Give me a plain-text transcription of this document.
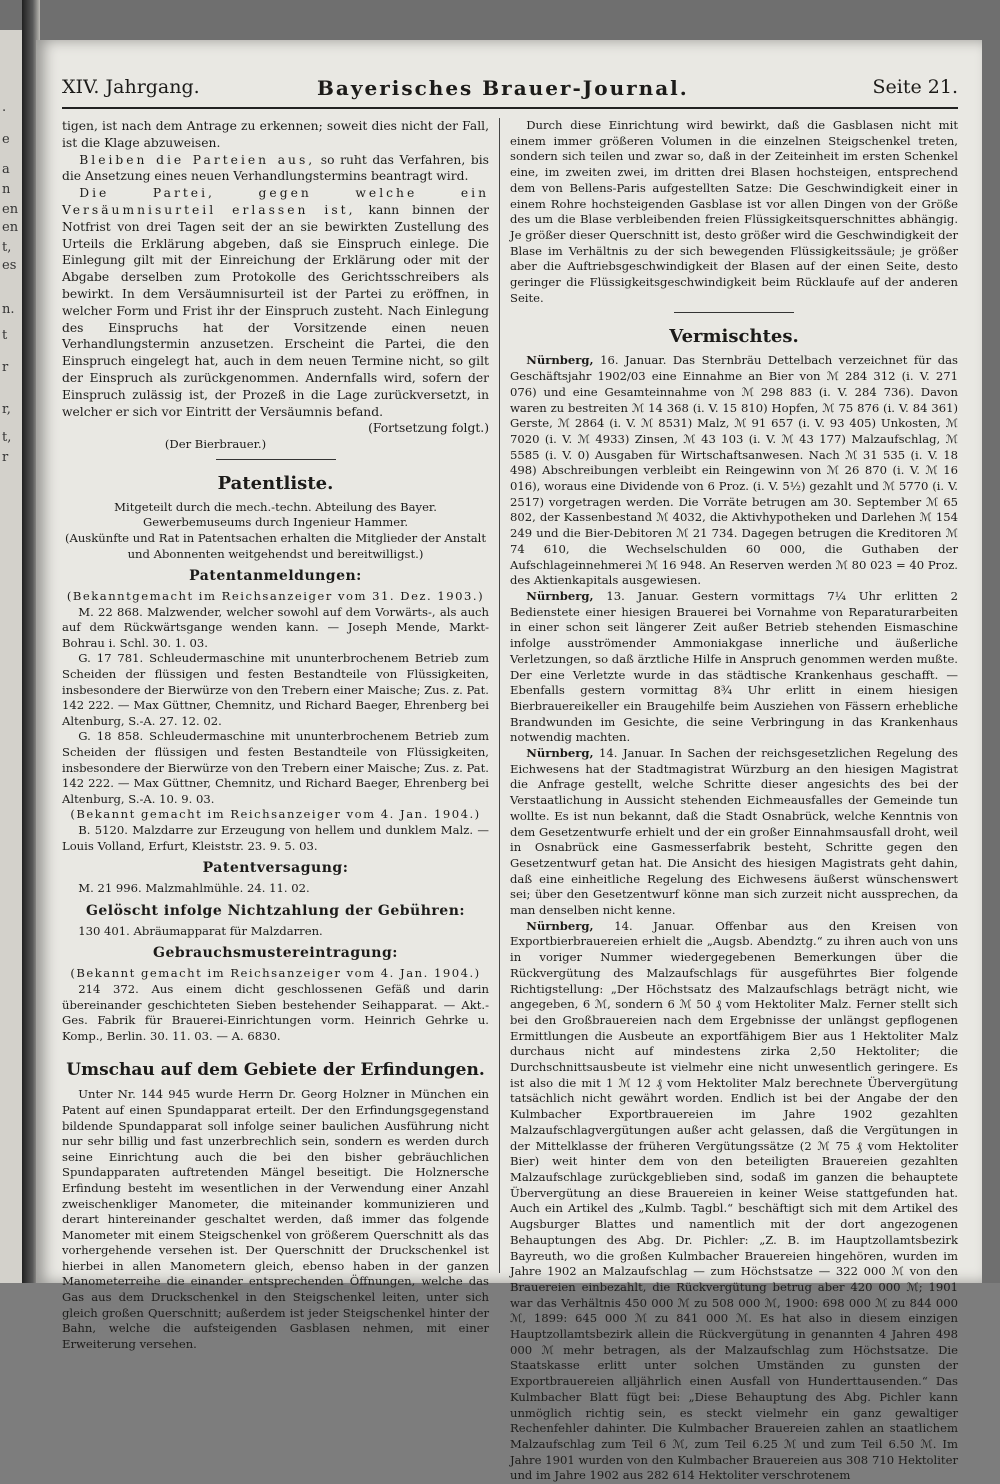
.
e
a
n
en
en
t,
es
n.
t
r
r,
t,
r
XIV. Jahrgang.	Bayerisches Brauer-Journal.	Seite 21.

tigen, ist nach dem Antrage zu erkennen; soweit dies nicht der Fall, ist die Klage abzuweisen.

Bleiben die Parteien aus, so ruht das Verfahren, bis die Ansetzung eines neuen Verhandlungstermins beantragt wird.

Die Partei, gegen welche ein Versäumnisurteil erlassen ist, kann binnen der Notfrist von drei Tagen seit der an sie bewirkten Zustellung des Urteils die Erklärung abgeben, daß sie Einspruch einlege. Die Einlegung gilt mit der Einreichung der Erklärung oder mit der Abgabe derselben zum Protokolle des Gerichtsschreibers als bewirkt. In dem Versäumnisurteil ist der Partei zu eröffnen, in welcher Form und Frist ihr der Einspruch zusteht. Nach Einlegung des Einspruchs hat der Vorsitzende einen neuen Verhandlungstermin anzusetzen. Erscheint die Partei, die den Einspruch eingelegt hat, auch in dem neuen Termine nicht, so gilt der Einspruch als zurückgenommen. Andernfalls wird, sofern der Einspruch zulässig ist, der Prozeß in die Lage zurückversetzt, in welcher er sich vor Eintritt der Versäumnis befand.

(Fortsetzung folgt.)

(Der Bierbrauer.)

Patentliste.

Mitgeteilt durch die mech.-techn. Abteilung des Bayer. Gewerbemuseums durch Ingenieur Hammer.

(Auskünfte und Rat in Patentsachen erhalten die Mitglieder der Anstalt und Abonnenten weitgehendst und bereitwilligst.)

Patentanmeldungen:

(Bekanntgemacht im Reichsanzeiger vom 31. Dez. 1903.)

M. 22 868. Malzwender, welcher sowohl auf dem Vorwärts-, als auch auf dem Rückwärtsgange wenden kann. — Joseph Mende, Markt-Bohrau i. Schl. 30. 1. 03.

G. 17 781. Schleudermaschine mit ununterbrochenem Betrieb zum Scheiden der flüssigen und festen Bestandteile von Flüssigkeiten, insbesondere der Bierwürze von den Trebern einer Maische; Zus. z. Pat. 142 222. — Max Güttner, Chemnitz, und Richard Baeger, Ehrenberg bei Altenburg, S.-A. 27. 12. 02.

G. 18 858. Schleudermaschine mit ununterbrochenem Betrieb zum Scheiden der flüssigen und festen Bestandteile von Flüssigkeiten, insbesondere der Bierwürze von den Trebern einer Maische; Zus. z. Pat. 142 222. — Max Güttner, Chemnitz, und Richard Baeger, Ehrenberg bei Altenburg, S.-A. 10. 9. 03.

(Bekannt gemacht im Reichsanzeiger vom 4. Jan. 1904.)

B. 5120. Malzdarre zur Erzeugung von hellem und dunklem Malz. — Louis Volland, Erfurt, Kleiststr. 23. 9. 5. 03.

Patentversagung:

M. 21 996. Malzmahlmühle. 24. 11. 02.

Gelöscht infolge Nichtzahlung der Gebühren:

130 401. Abräumapparat für Malzdarren.

Gebrauchsmustereintragung:

(Bekannt gemacht im Reichsanzeiger vom 4. Jan. 1904.)

214 372. Aus einem dicht geschlossenen Gefäß und darin übereinander geschichteten Sieben bestehender Seihapparat. — Akt.-Ges. Fabrik für Brauerei-Einrichtungen vorm. Heinrich Gehrke u. Komp., Berlin. 30. 11. 03. — A. 6830.

Umschau auf dem Gebiete der Erfindungen.

Unter Nr. 144 945 wurde Herrn Dr. Georg Holzner in München ein Patent auf einen Spundapparat erteilt. Der den Erfindungsgegenstand bildende Spundapparat soll infolge seiner baulichen Ausführung nicht nur sehr billig und fast unzerbrechlich sein, sondern es werden durch seine Einrichtung auch die bei den bisher gebräuchlichen Spundapparaten auftretenden Mängel beseitigt. Die Holznersche Erfindung besteht im wesentlichen in der Verwendung einer Anzahl zweischenkliger Manometer, die miteinander kommunizieren und derart hintereinander geschaltet werden, daß immer das folgende Manometer mit einem Steigschenkel von größerem Querschnitt als das vorhergehende versehen ist. Der Querschnitt der Druckschenkel ist hierbei in allen Manometern gleich, ebenso haben in der ganzen Manometerreihe die einander entsprechenden Öffnungen, welche das Gas aus dem Druckschenkel in den Steigschenkel leiten, unter sich gleich großen Querschnitt; außerdem ist jeder Steigschenkel hinter der Bahn, welche die aufsteigenden Gasblasen nehmen, mit einer Erweiterung versehen.

Durch diese Einrichtung wird bewirkt, daß die Gasblasen nicht mit einem immer größeren Volumen in die einzelnen Steigschenkel treten, sondern sich teilen und zwar so, daß in der Zeiteinheit im ersten Schenkel eine, im zweiten zwei, im dritten drei Blasen hochsteigen, entsprechend dem von Bellens-Paris aufgestellten Satze: Die Geschwindigkeit einer in einem Rohre hochsteigenden Gasblase ist vor allen Dingen von der Größe des um die Blase verbleibenden freien Flüssigkeitsquerschnittes abhängig. Je größer dieser Querschnitt ist, desto größer wird die Geschwindigkeit der Blase im Verhältnis zu der sich bewegenden Flüssigkeitssäule; je größer aber die Auftriebsgeschwindigkeit der Blasen auf der einen Seite, desto geringer die Flüssigkeitsgeschwindigkeit beim Rücklaufe auf der anderen Seite.

Vermischtes.

Nürnberg, 16. Januar. Das Sternbräu Dettelbach verzeichnet für das Geschäftsjahr 1902/03 eine Einnahme an Bier von ℳ 284 312 (i. V. 271 076) und eine Gesamteinnahme von ℳ 298 883 (i. V. 284 736). Davon waren zu bestreiten ℳ 14 368 (i. V. 15 810) Hopfen, ℳ 75 876 (i. V. 84 361) Gerste, ℳ 2864 (i. V. ℳ 8531) Malz, ℳ 91 657 (i. V. 93 405) Unkosten, ℳ 7020 (i. V. ℳ 4933) Zinsen, ℳ 43 103 (i. V. ℳ 43 177) Malzaufschlag, ℳ 5585 (i. V. 0) Ausgaben für Wirtschaftsanwesen. Nach ℳ 31 535 (i. V. 18 498) Abschreibungen verbleibt ein Reingewinn von ℳ 26 870 (i. V. ℳ 16 016), woraus eine Dividende von 6 Proz. (i. V. 5½) gezahlt und ℳ 5770 (i. V. 2517) vorgetragen werden. Die Vorräte betrugen am 30. September ℳ 65 802, der Kassenbestand ℳ 4032, die Aktivhypotheken und Darlehen ℳ 154 249 und die Bier-Debitoren ℳ 21 734. Dagegen betrugen die Kreditoren ℳ 74 610, die Wechselschulden 60 000, die Guthaben der Aufschlageinnehmerei ℳ 16 948. An Reserven werden ℳ 80 023 = 40 Proz. des Aktienkapitals ausgewiesen.

Nürnberg, 13. Januar. Gestern vormittags 7¼ Uhr erlitten 2 Bedienstete einer hiesigen Brauerei bei Vornahme von Reparaturarbeiten in einer schon seit längerer Zeit außer Betrieb stehenden Eismaschine infolge ausströmender Ammoniakgase innerliche und äußerliche Verletzungen, so daß ärztliche Hilfe in Anspruch genommen werden mußte. Der eine Verletzte wurde in das städtische Krankenhaus geschafft. — Ebenfalls gestern vormittag 8¾ Uhr erlitt in einem hiesigen Bierbrauereikeller ein Braugehilfe beim Ausziehen von Fässern erhebliche Brandwunden im Gesichte, die seine Verbringung in das Krankenhaus notwendig machten.

Nürnberg, 14. Januar. In Sachen der reichsgesetzlichen Regelung des Eichwesens hat der Stadtmagistrat Würzburg an den hiesigen Magistrat die Anfrage gestellt, welche Schritte dieser angesichts des bei der Verstaatlichung in Aussicht stehenden Eichmeausfalles der Gemeinde tun wollte. Es ist nun bekannt, daß die Stadt Osnabrück, welche Kenntnis von dem Gesetzentwurfe erhielt und der ein großer Einnahmsausfall droht, weil in Osnabrück eine Gasmesserfabrik besteht, Schritte gegen den Gesetzentwurf getan hat. Die Ansicht des hiesigen Magistrats geht dahin, daß eine einheitliche Regelung des Eichwesens äußerst wünschenswert sei; über den Gesetzentwurf könne man sich zurzeit nicht aussprechen, da man denselben nicht kenne.

Nürnberg, 14. Januar. Offenbar aus den Kreisen von Exportbierbrauereien erhielt die „Augsb. Abendztg.“ zu ihren auch von uns in voriger Nummer wiedergegebenen Bemerkungen über die Rückvergütung des Malzaufschlags für ausgeführtes Bier folgende Richtigstellung: „Der Höchstsatz des Malzaufschlags beträgt nicht, wie angegeben, 6 ℳ, sondern 6 ℳ 50 ₰ vom Hektoliter Malz. Ferner stellt sich bei den Großbrauereien nach dem Ergebnisse der unlängst gepflogenen Ermittlungen die Ausbeute an exportfähigem Bier aus 1 Hektoliter Malz durchaus nicht auf mindestens zirka 2,50 Hektoliter; die Durchschnittsausbeute ist vielmehr eine nicht unwesentlich geringere. Es ist also die mit 1 ℳ 12 ₰ vom Hektoliter Malz berechnete Übervergütung tatsächlich nicht gewährt worden. Endlich ist bei der Angabe der den Kulmbacher Exportbrauereien im Jahre 1902 gezahlten Malzaufschlagvergütungen außer acht gelassen, daß die Vergütungen in der Mittelklasse der früheren Vergütungssätze (2 ℳ 75 ₰ vom Hektoliter Bier) weit hinter dem von den beteiligten Brauereien gezahlten Malzaufschlage zurückgeblieben sind, sodaß im ganzen die behauptete Übervergütung an diese Brauereien in keiner Weise stattgefunden hat. Auch ein Artikel des „Kulmb. Tagbl.“ beschäftigt sich mit dem Artikel des Augsburger Blattes und namentlich mit der dort angezogenen Behauptungen des Abg. Dr. Pichler: „Z. B. im Hauptzollamtsbezirk Bayreuth, wo die großen Kulmbacher Brauereien hingehören, wurden im Jahre 1902 an Malzaufschlag — zum Höchstsatze — 322 000 ℳ von den Brauereien einbezahlt, die Rückvergütung betrug aber 420 000 ℳ; 1901 war das Verhältnis 450 000 ℳ zu 508 000 ℳ, 1900: 698 000 ℳ zu 844 000 ℳ, 1899: 645 000 ℳ zu 841 000 ℳ. Es hat also in diesem einzigen Hauptzollamtsbezirk allein die Rückvergütung in genannten 4 Jahren 498 000 ℳ mehr betragen, als der Malzaufschlag zum Höchstsatze. Die Staatskasse erlitt unter solchen Umständen zu gunsten der Exportbrauereien alljährlich einen Ausfall von Hunderttausenden.“ Das Kulmbacher Blatt fügt bei: „Diese Behauptung des Abg. Pichler kann unmöglich richtig sein, es steckt vielmehr ein ganz gewaltiger Rechenfehler dahinter. Die Kulmbacher Brauereien zahlen an staatlichem Malzaufschlag zum Teil 6 ℳ, zum Teil 6.25 ℳ und zum Teil 6.50 ℳ. Im Jahre 1901 wurden von den Kulmbacher Brauereien aus 308 710 Hektoliter und im Jahre 1902 aus 282 614 Hektoliter verschrotenem
